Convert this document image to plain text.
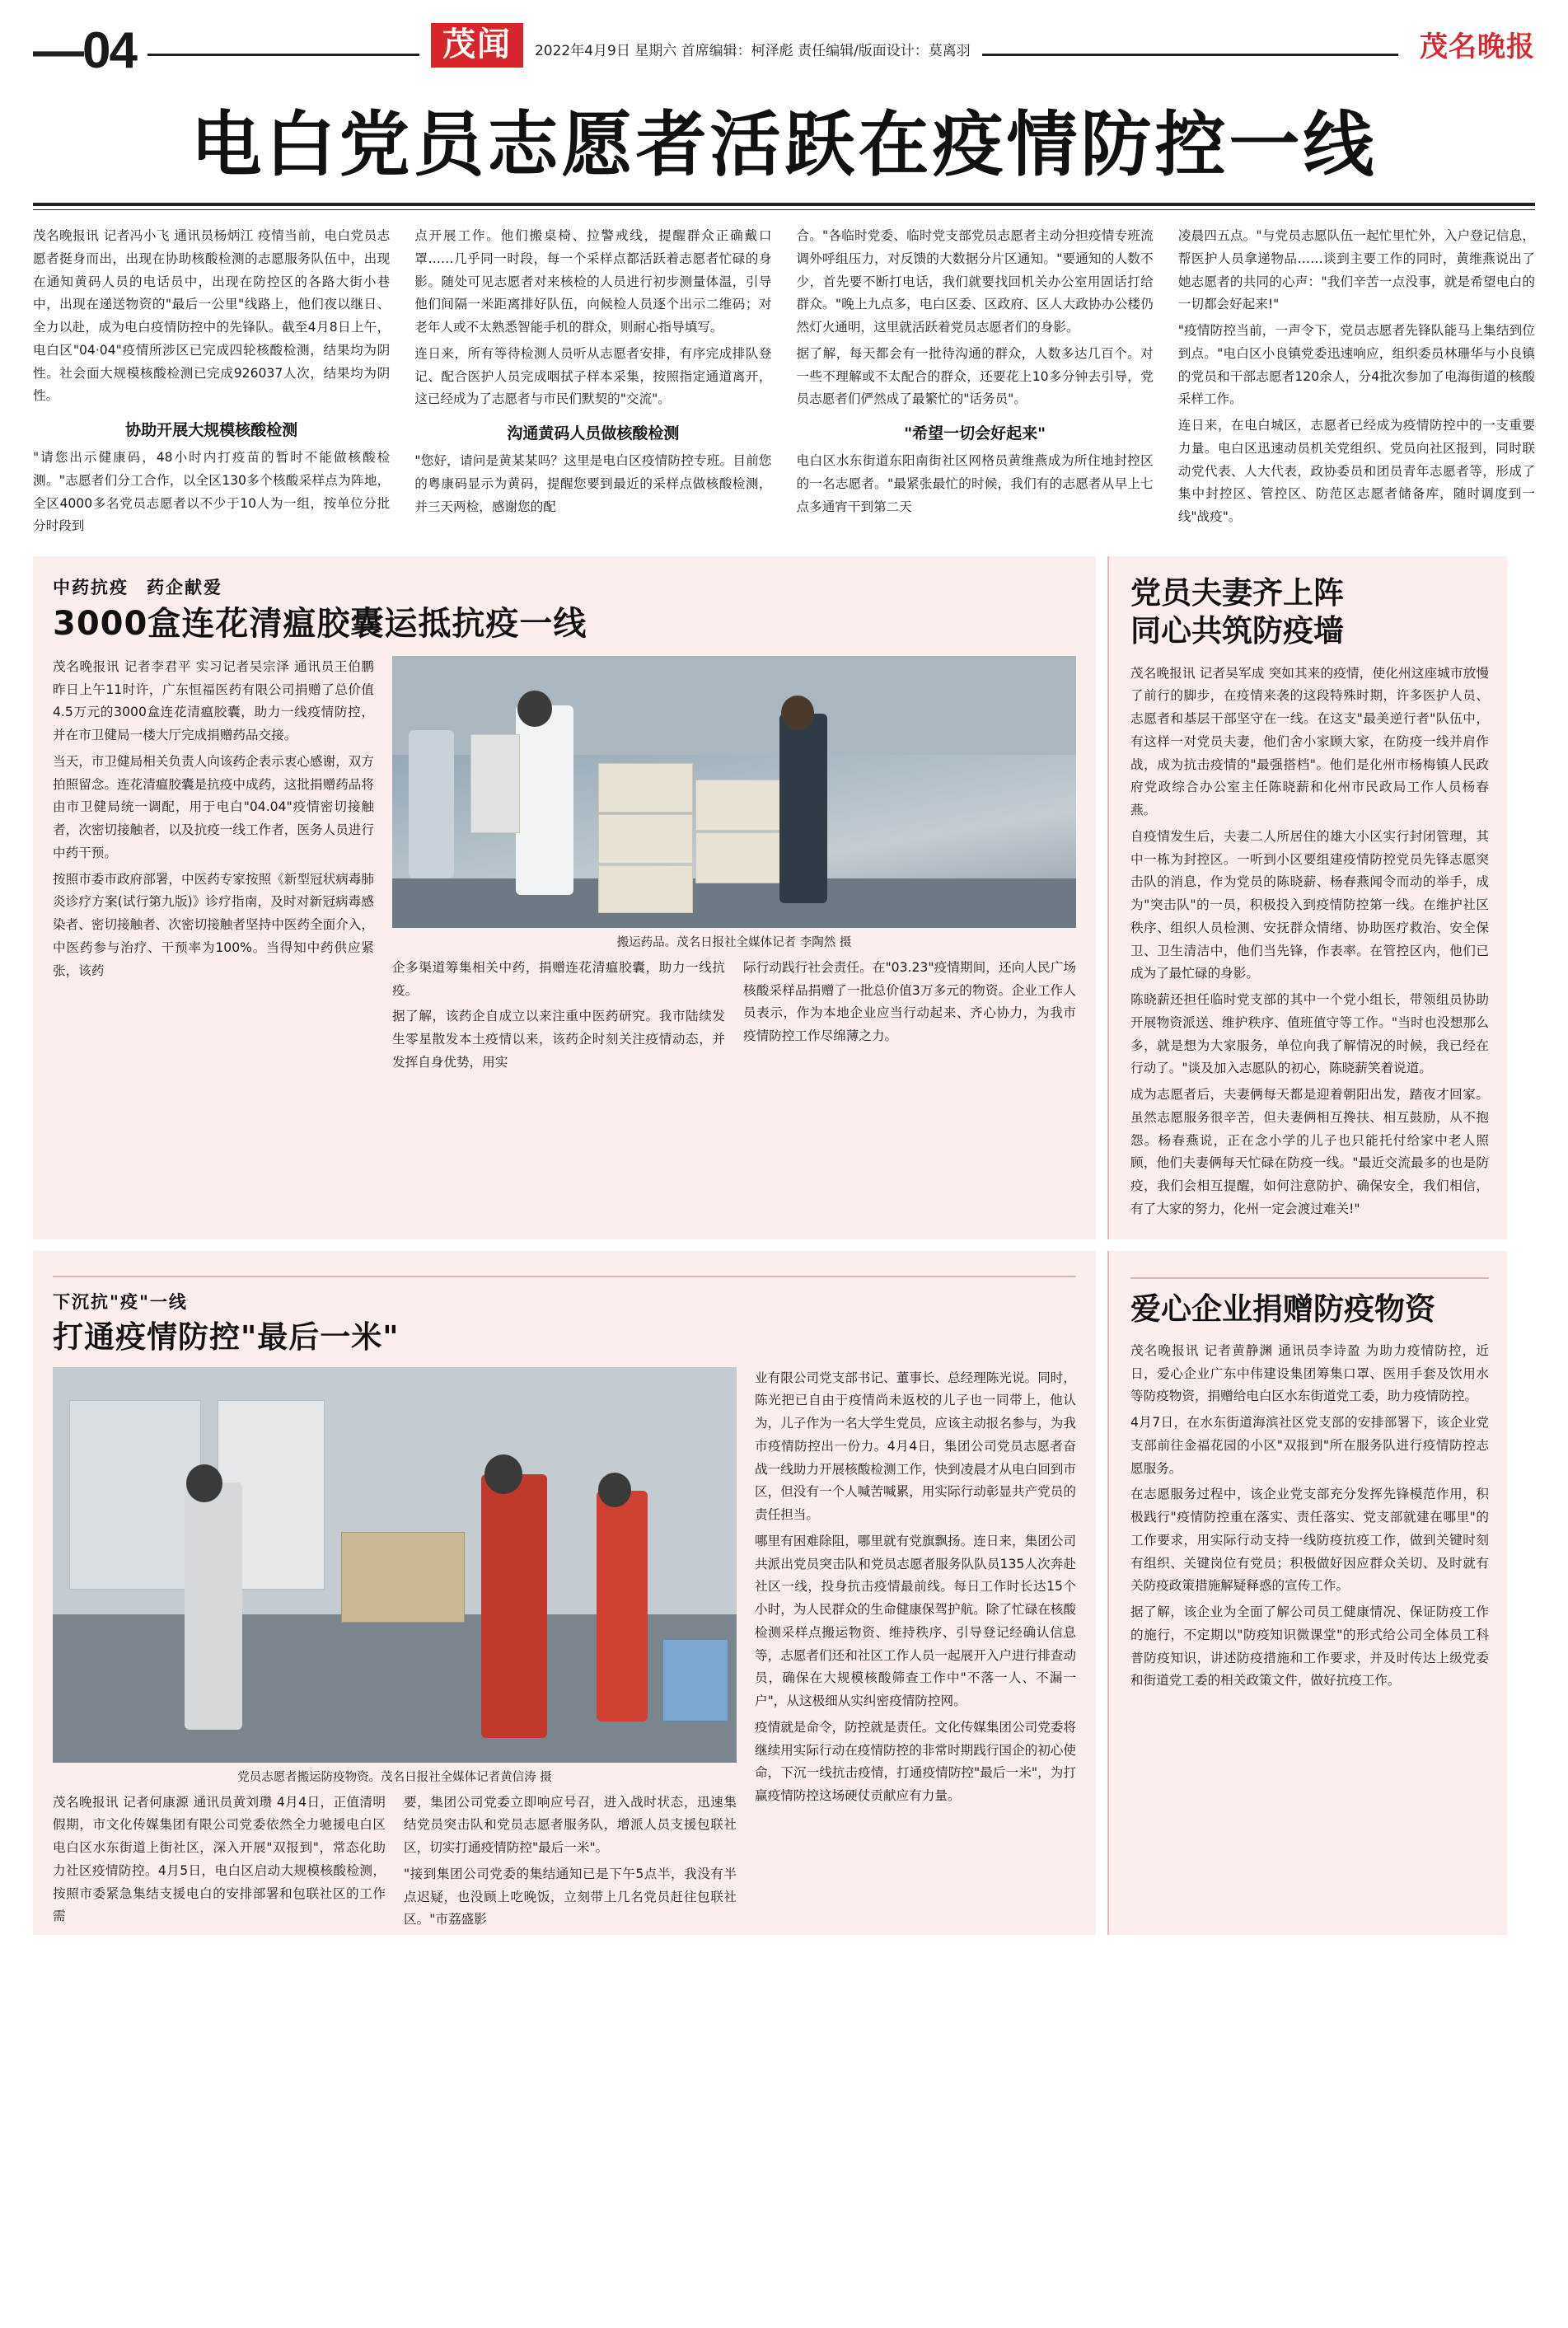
—04	茂闻	2022年4月9日 星期六 首席编辑：柯泽彪 责任编辑/版面设计：莫离羽	茂名晚报
电白党员志愿者活跃在疫情防控一线

茂名晚报讯 记者冯小飞 通讯员杨炳江 疫情当前，电白党员志愿者挺身而出，出现在协助核酸检测的志愿服务队伍中，出现在通知黄码人员的电话员中，出现在防控区的各路大街小巷中，出现在递送物资的"最后一公里"线路上，他们夜以继日、全力以赴，成为电白疫情防控中的先锋队。截至4月8日上午，电白区"04·04"疫情所涉区已完成四轮核酸检测，结果均为阴性。社会面大规模核酸检测已完成926037人次，结果均为阴性。

协助开展大规模核酸检测

"请您出示健康码，48小时内打疫苗的暂时不能做核酸检测。"志愿者们分工合作，以全区130多个核酸采样点为阵地，全区4000多名党员志愿者以不少于10人为一组，按单位分批分时段到

点开展工作。他们搬桌椅、拉警戒线，提醒群众正确戴口罩……几乎同一时段，每一个采样点都活跃着志愿者忙碌的身影。随处可见志愿者对来核检的人员进行初步测量体温，引导他们间隔一米距离排好队伍，向候检人员逐个出示二维码；对老年人或不太熟悉智能手机的群众，则耐心指导填写。

连日来，所有等待检测人员听从志愿者安排，有序完成排队登记、配合医护人员完成咽拭子样本采集，按照指定通道离开，这已经成为了志愿者与市民们默契的"交流"。

沟通黄码人员做核酸检测

"您好，请问是黄某某吗？这里是电白区疫情防控专班。目前您的粤康码显示为黄码，提醒您要到最近的采样点做核酸检测，并三天两检，感谢您的配

合。"各临时党委、临时党支部党员志愿者主动分担疫情专班流调外呼组压力，对反馈的大数据分片区通知。"要通知的人数不少，首先要不断打电话，我们就要找回机关办公室用固话打给群众。"晚上九点多，电白区委、区政府、区人大政协办公楼仍然灯火通明，这里就活跃着党员志愿者们的身影。

据了解，每天都会有一批待沟通的群众，人数多达几百个。对一些不理解或不太配合的群众，还要花上10多分钟去引导，党员志愿者们俨然成了最繁忙的"话务员"。

"希望一切会好起来"

电白区水东街道东阳南街社区网格员黄维燕成为所住地封控区的一名志愿者。"最紧张最忙的时候，我们有的志愿者从早上七点多通宵干到第二天

凌晨四五点。"与党员志愿队伍一起忙里忙外，入户登记信息，帮医护人员拿递物品……谈到主要工作的同时，黄维燕说出了她志愿者的共同的心声："我们辛苦一点没事，就是希望电白的一切都会好起来!"

"疫情防控当前，一声令下，党员志愿者先锋队能马上集结到位到点。"电白区小良镇党委迅速响应，组织委员林珊华与小良镇的党员和干部志愿者120余人，分4批次参加了电海街道的核酸采样工作。

连日来，在电白城区，志愿者已经成为疫情防控中的一支重要力量。电白区迅速动员机关党组织、党员向社区报到，同时联动党代表、人大代表，政协委员和团员青年志愿者等，形成了集中封控区、管控区、防范区志愿者储备库，随时调度到一线"战疫"。

中药抗疫 药企献爱
3000盒连花清瘟胶囊运抵抗疫一线

茂名晚报讯 记者李君平 实习记者吴宗泽 通讯员王伯鹏 昨日上午11时许，广东恒福医药有限公司捐赠了总价值4.5万元的3000盒连花清瘟胶囊，助力一线疫情防控，并在市卫健局一楼大厅完成捐赠药品交接。

当天，市卫健局相关负责人向该药企表示衷心感谢，双方拍照留念。连花清瘟胶囊是抗疫中成药，这批捐赠药品将由市卫健局统一调配，用于电白"04.04"疫情密切接触者，次密切接触者，以及抗疫一线工作者，医务人员进行中药干预。

按照市委市政府部署，中医药专家按照《新型冠状病毒肺炎诊疗方案(试行第九版)》诊疗指南，及时对新冠病毒感染者、密切接触者、次密切接触者坚持中医药全面介入，中医药参与治疗、干预率为100%。当得知中药供应紧张，该药

搬运药品。茂名日报社全媒体记者 李陶然 摄

企多渠道筹集相关中药，捐赠连花清瘟胶囊，助力一线抗疫。

据了解，该药企自成立以来注重中医药研究。我市陆续发生零星散发本土疫情以来，该药企时刻关注疫情动态，并发挥自身优势，用实

际行动践行社会责任。在"03.23"疫情期间，还向人民广场核酸采样品捐赠了一批总价值3万多元的物资。企业工作人员表示，作为本地企业应当行动起来、齐心协力，为我市疫情防控工作尽绵薄之力。

党员夫妻齐上阵
同心共筑防疫墙

茂名晚报讯 记者吴军成 突如其来的疫情，使化州这座城市放慢了前行的脚步，在疫情来袭的这段特殊时期，许多医护人员、志愿者和基层干部坚守在一线。在这支"最美逆行者"队伍中，有这样一对党员夫妻，他们舍小家顾大家，在防疫一线并肩作战，成为抗击疫情的"最强搭档"。他们是化州市杨梅镇人民政府党政综合办公室主任陈晓薪和化州市民政局工作人员杨春燕。

自疫情发生后，夫妻二人所居住的雄大小区实行封闭管理，其中一栋为封控区。一听到小区要组建疫情防控党员先锋志愿突击队的消息，作为党员的陈晓薪、杨春燕闻令而动的举手，成为"突击队"的一员，积极投入到疫情防控第一线。在维护社区秩序、组织人员检测、安抚群众情绪、协助医疗救治、安全保卫、卫生清洁中，他们当先锋，作表率。在管控区内，他们已成为了最忙碌的身影。

陈晓薪还担任临时党支部的其中一个党小组长，带领组员协助开展物资派送、维护秩序、值班值守等工作。"当时也没想那么多，就是想为大家服务，单位向我了解情况的时候，我已经在行动了。"谈及加入志愿队的初心，陈晓薪笑着说道。

成为志愿者后，夫妻俩每天都是迎着朝阳出发，踏夜才回家。虽然志愿服务很辛苦，但夫妻俩相互搀扶、相互鼓励，从不抱怨。杨春燕说，正在念小学的儿子也只能托付给家中老人照顾，他们夫妻俩每天忙碌在防疫一线。"最近交流最多的也是防疫，我们会相互提醒，如何注意防护、确保安全，我们相信，有了大家的努力，化州一定会渡过难关!"

下沉抗"疫"一线
打通疫情防控"最后一米"
党员志愿者搬运防疫物资。茂名日报社全媒体记者黄信涛 摄

茂名晚报讯 记者何康源 通讯员黄刘瓒 4月4日，正值清明假期，市文化传媒集团有限公司党委依然全力驰援电白区电白区水东街道上街社区，深入开展"双报到"，常态化助力社区疫情防控。4月5日，电白区启动大规模核酸检测，按照市委紧急集结支援电白的安排部署和包联社区的工作需

要，集团公司党委立即响应号召，进入战时状态，迅速集结党员突击队和党员志愿者服务队，增派人员支援包联社区，切实打通疫情防控"最后一米"。

"接到集团公司党委的集结通知已是下午5点半，我没有半点迟疑，也没顾上吃晚饭，立刻带上几名党员赶往包联社区。"市荔盛影

业有限公司党支部书记、董事长、总经理陈光说。同时，陈光把已自由于疫情尚未返校的儿子也一同带上，他认为，儿子作为一名大学生党员，应该主动报名参与，为我市疫情防控出一份力。4月4日，集团公司党员志愿者奋战一线助力开展核酸检测工作，快到凌晨才从电白回到市区，但没有一个人喊苦喊累，用实际行动彰显共产党员的责任担当。

哪里有困难除阻，哪里就有党旗飘扬。连日来，集团公司共派出党员突击队和党员志愿者服务队队员135人次奔赴社区一线，投身抗击疫情最前线。每日工作时长达15个小时，为人民群众的生命健康保驾护航。除了忙碌在核酸检测采样点搬运物资、维持秩序、引导登记经确认信息等，志愿者们还和社区工作人员一起展开入户进行排查动员，确保在大规模核酸筛查工作中"不落一人、不漏一户"，从这极细从实纠密疫情防控网。

疫情就是命令，防控就是责任。文化传媒集团公司党委将继续用实际行动在疫情防控的非常时期践行国企的初心使命，下沉一线抗击疫情，打通疫情防控"最后一米"，为打赢疫情防控这场硬仗贡献应有力量。

爱心企业捐赠防疫物资

茂名晚报讯 记者黄静渊 通讯员李诗盈 为助力疫情防控，近日，爱心企业广东中伟建设集团筹集口罩、医用手套及饮用水等防疫物资，捐赠给电白区水东街道党工委，助力疫情防控。

4月7日，在水东街道海滨社区党支部的安排部署下，该企业党支部前往金福花园的小区"双报到"所在服务队进行疫情防控志愿服务。

在志愿服务过程中，该企业党支部充分发挥先锋模范作用，积极践行"疫情防控重在落实、责任落实、党支部就建在哪里"的工作要求，用实际行动支持一线防疫抗疫工作，做到关键时刻有组织、关键岗位有党员；积极做好因应群众关切、及时就有关防疫政策措施解疑释惑的宣传工作。

据了解，该企业为全面了解公司员工健康情况、保证防疫工作的施行，不定期以"防疫知识微课堂"的形式给公司全体员工科普防疫知识，讲述防疫措施和工作要求，并及时传达上级党委和街道党工委的相关政策文件，做好抗疫工作。
